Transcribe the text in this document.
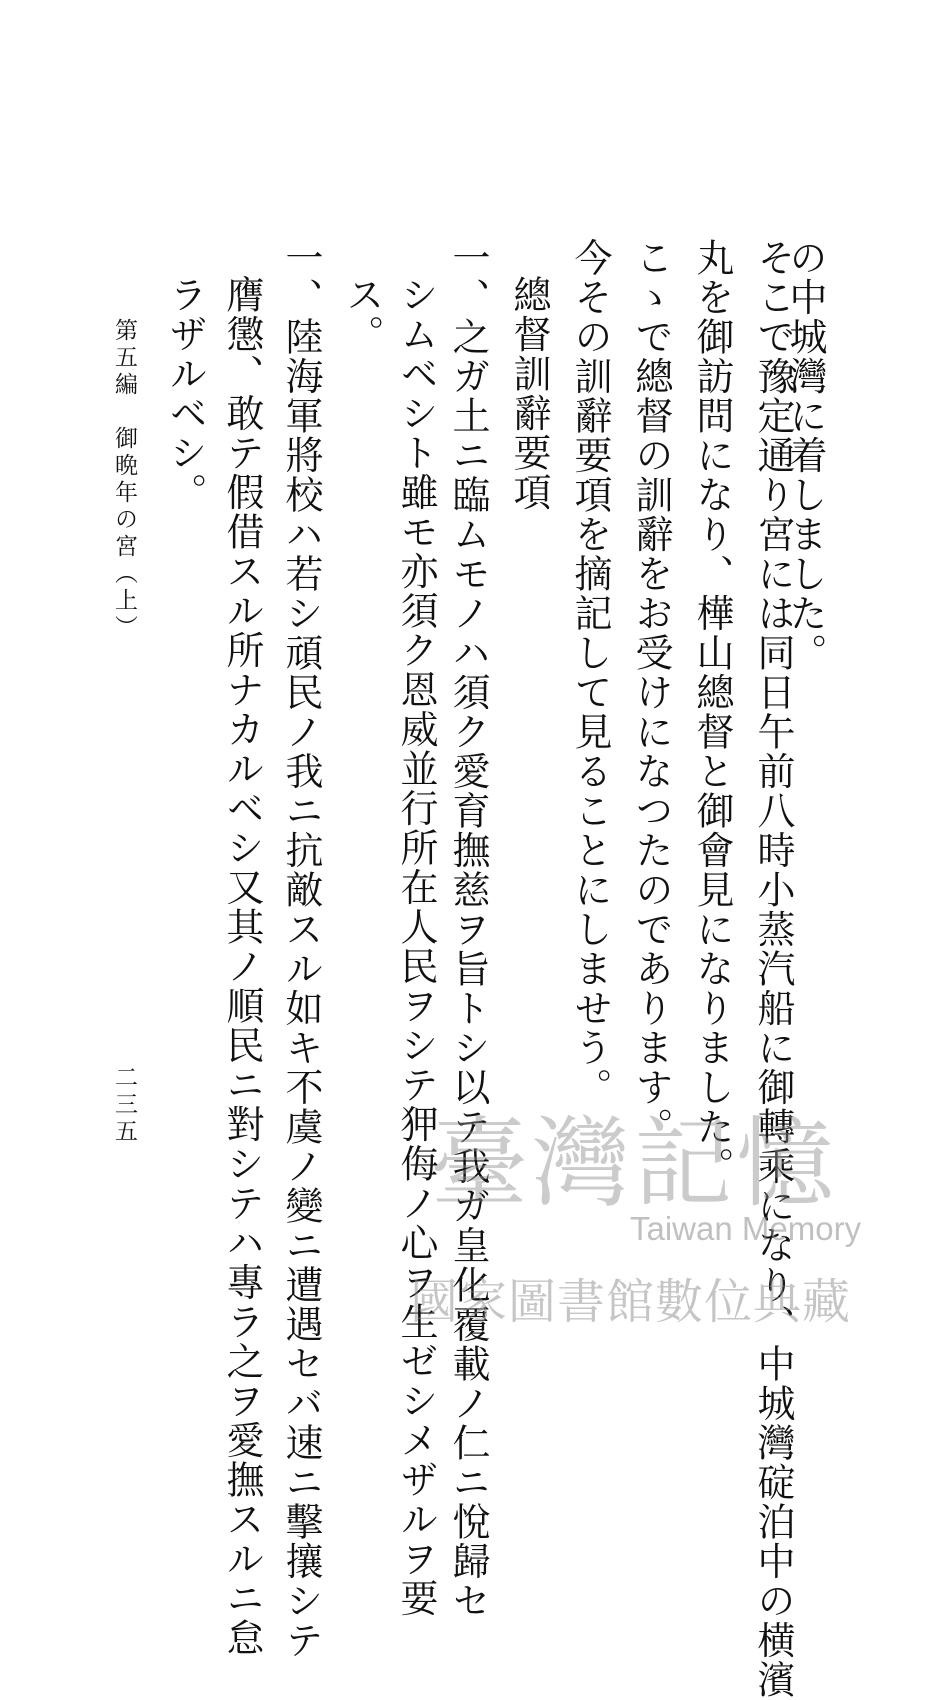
の中城灣に着しました。
そこで豫定通り宮には同日午前八時小蒸汽船に御轉乘になり、中城灣碇泊中の横濱
丸を御訪問になり、樺山總督と御會見になりました。
こゝで總督の訓辭をお受けになつたのであります。
今その訓辭要項を摘記して見ることにしませう。
總督訓辭要項
一、之ガ土ニ臨ムモノハ須ク愛育撫慈ヲ旨トシ以テ我ガ皇化覆載ノ仁ニ悅歸セ
シムベシト雖モ亦須ク恩威並行所在人民ヲシテ狎侮ノ心ヲ生ゼシメザルヲ要
ス。
一、陸海軍將校ハ若シ頑民ノ我ニ抗敵スル如キ不虞ノ變ニ遭遇セバ速ニ擊攘シテ
膺懲、敢テ假借スル所ナカルベシ又其ノ順民ニ對シテハ專ラ之ヲ愛撫スルニ怠
ラザルベシ。
第五編　御晩年の宮（上）
二三五
臺灣記憶
Taiwan Memory
國家圖書館數位典藏
